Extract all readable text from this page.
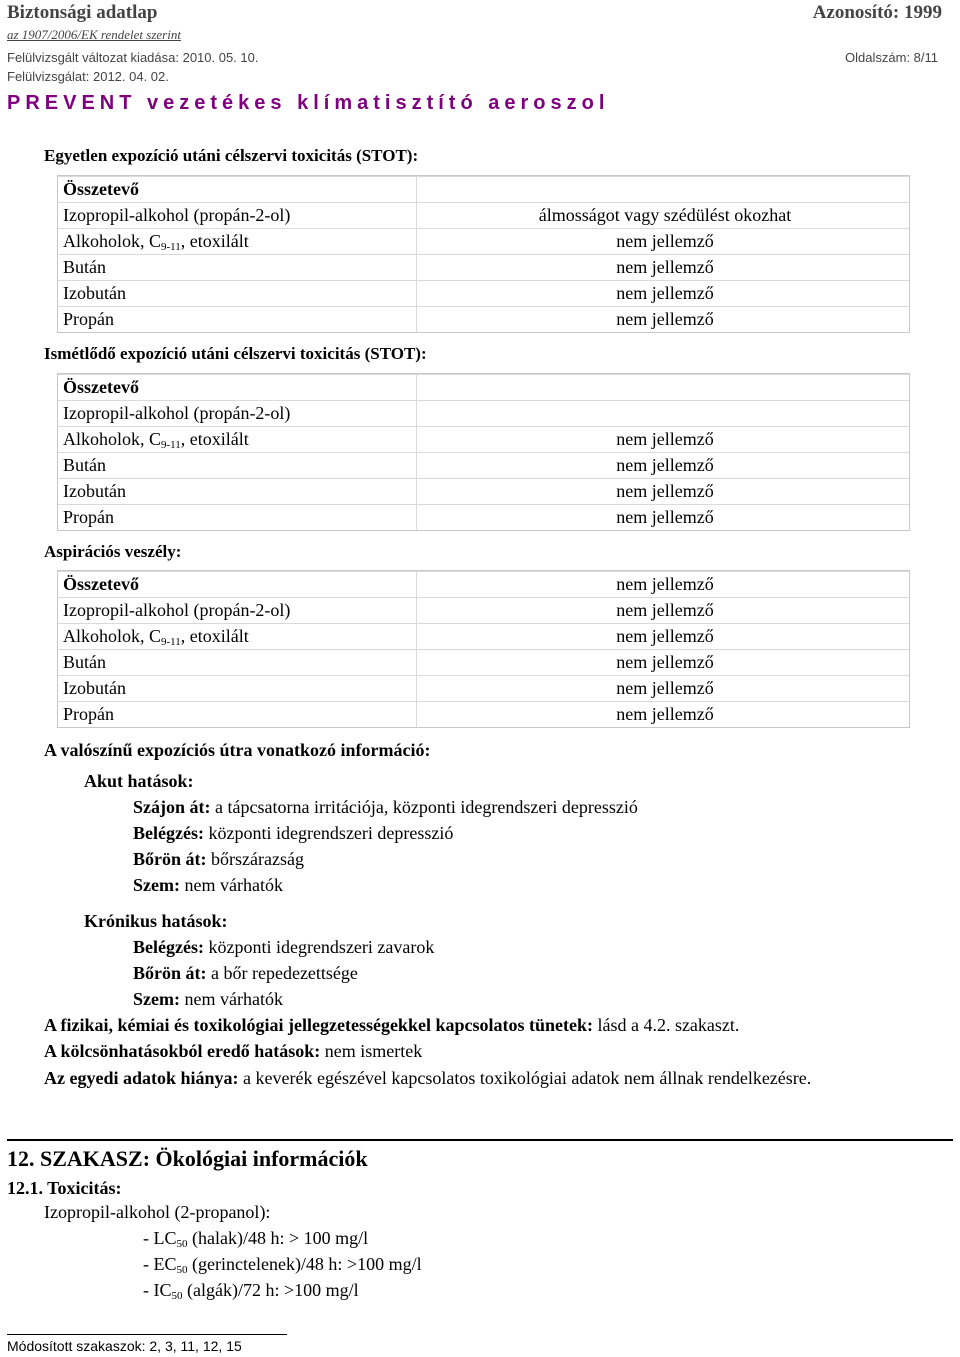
Biztonsági adatlap	Azonosító: 1999
az 1907/2006/EK rendelet szerint
Felülvizsgált változat kiadása: 2010. 05. 10.	Oldalszám: 8/11
Felülvizsgálat: 2012. 04. 02.
PREVENT vezetékes klímatisztító aeroszol
Egyetlen expozíció utáni célszervi toxicitás (STOT):
Összetevő
Izopropil-alkohol (propán-2-ol)	álmosságot vagy szédülést okozhat
Alkoholok, $C_{9-11}$, etoxilált	nem jellemző
Bután	nem jellemző
Izobután	nem jellemző
Propán	nem jellemző
Ismétlődő expozíció utáni célszervi toxicitás (STOT):
Összetevő
Izopropil-alkohol (propán-2-ol)
Alkoholok, $C_{9-11}$, etoxilált	nem jellemző
Bután	nem jellemző
Izobután	nem jellemző
Propán	nem jellemző
Aspirációs veszély:
Összetevő	nem jellemző
Izopropil-alkohol (propán-2-ol)	nem jellemző
Alkoholok, $C_{9-11}$, etoxilált	nem jellemző
Bután	nem jellemző
Izobután	nem jellemző
Propán	nem jellemző
A valószínű expozíciós útra vonatkozó információ:
Akut hatások:
Szájon át: a tápcsatorna irritációja, központi idegrendszeri depresszió
Belégzés: központi idegrendszeri depresszió
Bőrön át: bőrszárazság
Szem: nem várhatók
Krónikus hatások:
Belégzés: központi idegrendszeri zavarok
Bőrön át: a bőr repedezettsége
Szem: nem várhatók
A fizikai, kémiai és toxikológiai jellegzetességekkel kapcsolatos tünetek: lásd a 4.2. szakaszt.
A kölcsönhatásokból eredő hatások: nem ismertek
Az egyedi adatok hiánya: a keverék egészével kapcsolatos toxikológiai adatok nem állnak rendelkezésre.
12. SZAKASZ: Ökológiai információk
12.1. Toxicitás:
Izopropil-alkohol (2-propanol):
- LC50 (halak)/48 h: > 100 mg/l
- EC50 (gerinctelenek)/48 h: >100 mg/l
- IC50 (algák)/72 h: >100 mg/l
Módosított szakaszok: 2, 3, 11, 12, 15
